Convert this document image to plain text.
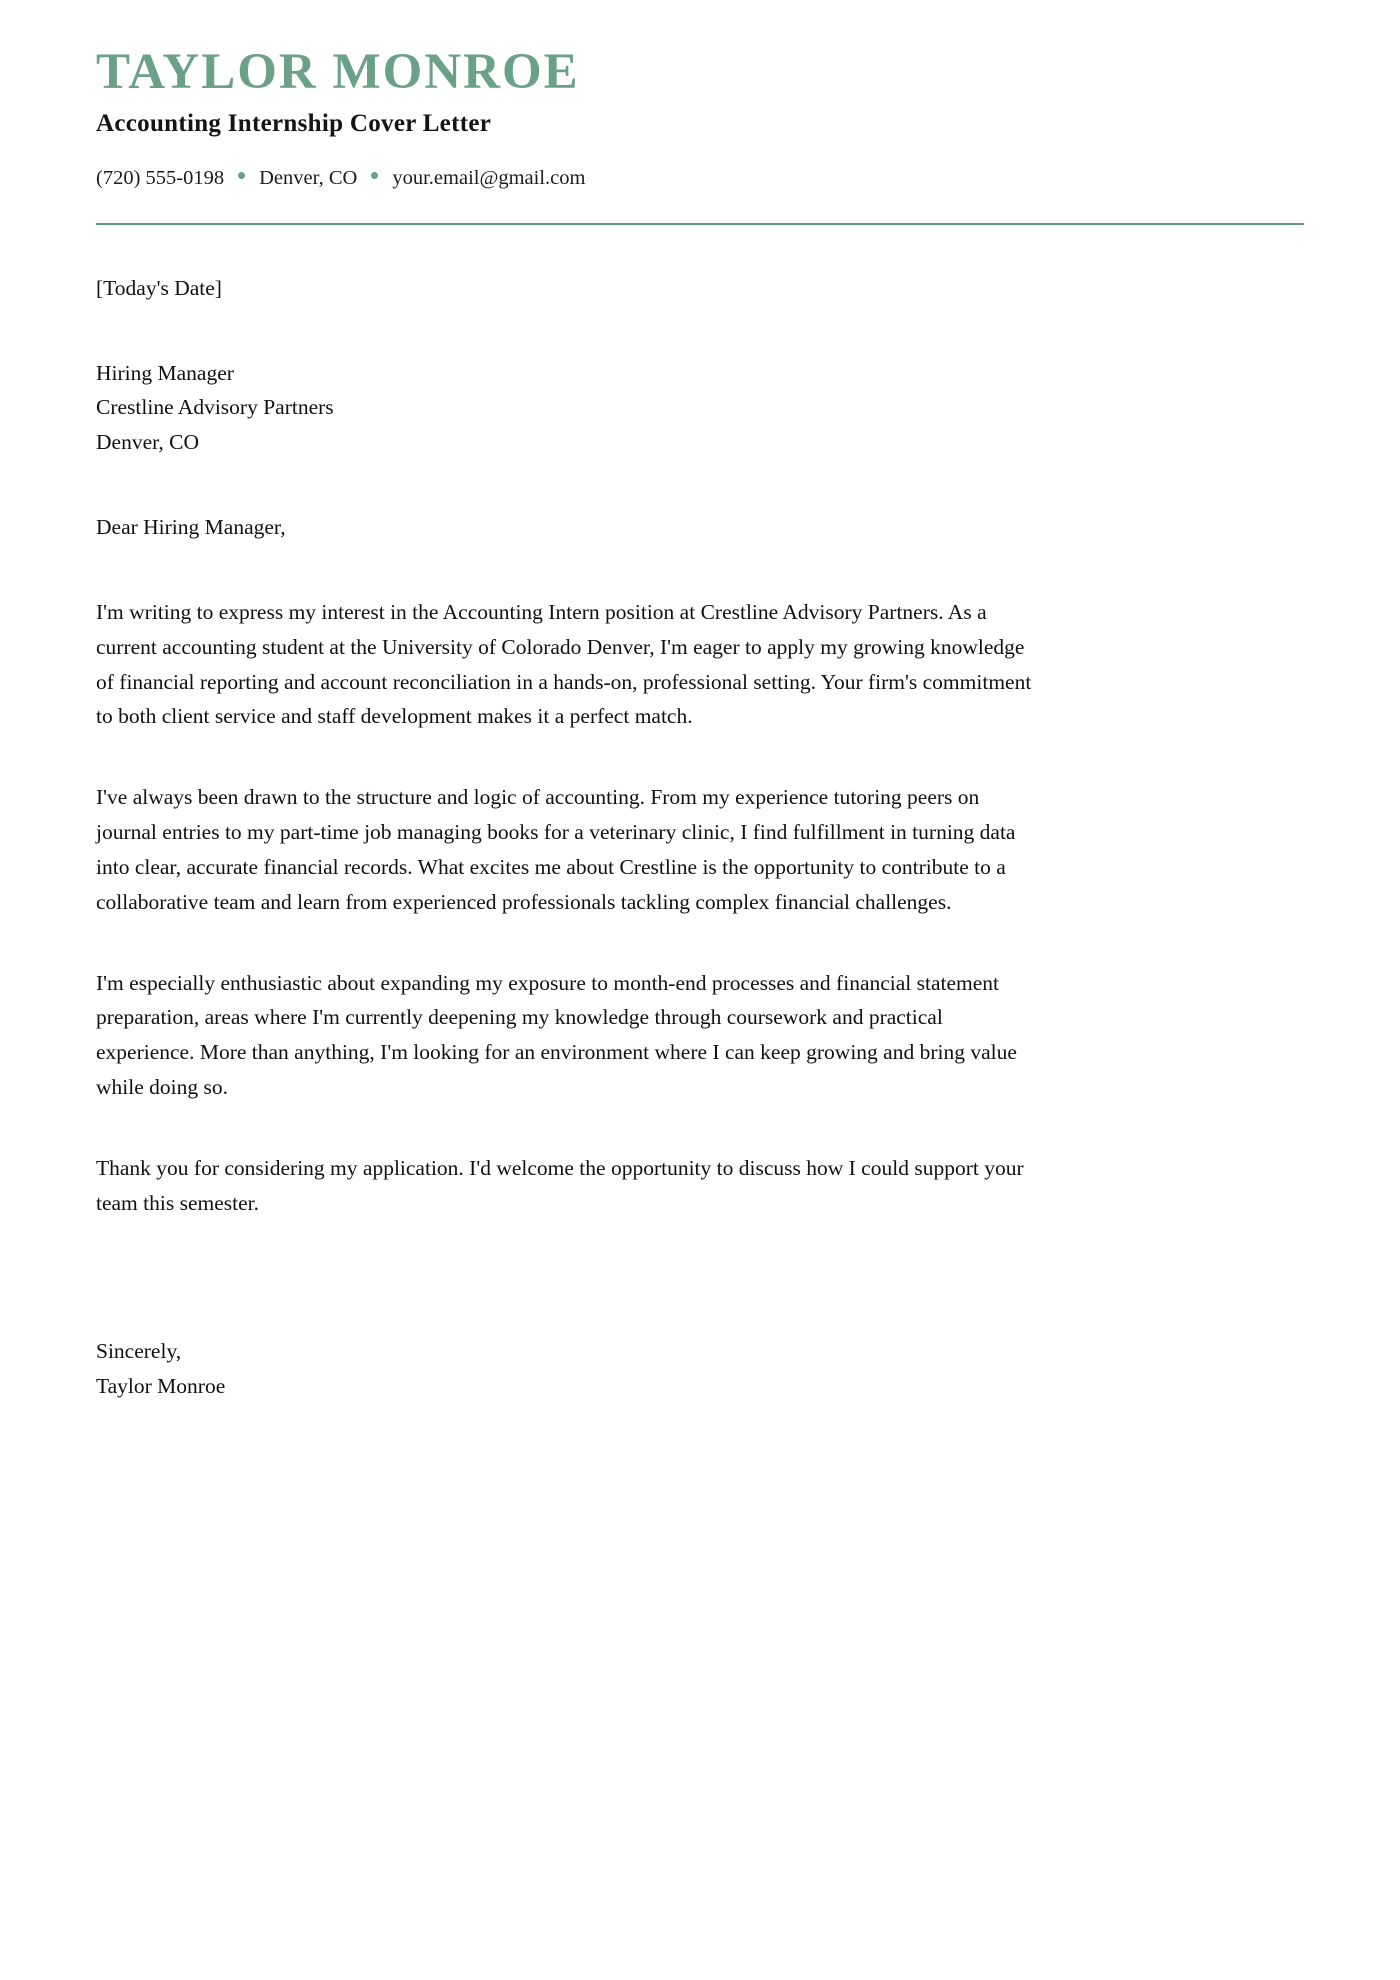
TAYLOR MONROE
Accounting Internship Cover Letter
(720) 555-0198 Denver, CO your.email@gmail.com
[Today's Date]
Hiring Manager
Crestline Advisory Partners
Denver, CO
Dear Hiring Manager,

I'm writing to express my interest in the Accounting Intern position at Crestline Advisory Partners. As a current accounting student at the University of Colorado Denver, I'm eager to apply my growing knowledge of financial reporting and account reconciliation in a hands-on, professional setting. Your firm's commitment to both client service and staff development makes it a perfect match.

I've always been drawn to the structure and logic of accounting. From my experience tutoring peers on journal entries to my part-time job managing books for a veterinary clinic, I find fulfillment in turning data into clear, accurate financial records. What excites me about Crestline is the opportunity to contribute to a collaborative team and learn from experienced professionals tackling complex financial challenges.

I'm especially enthusiastic about expanding my exposure to month-end processes and financial statement preparation, areas where I'm currently deepening my knowledge through coursework and practical experience. More than anything, I'm looking for an environment where I can keep growing and bring value while doing so.

Thank you for considering my application. I'd welcome the opportunity to discuss how I could support your team this semester.

Sincerely,
Taylor Monroe
